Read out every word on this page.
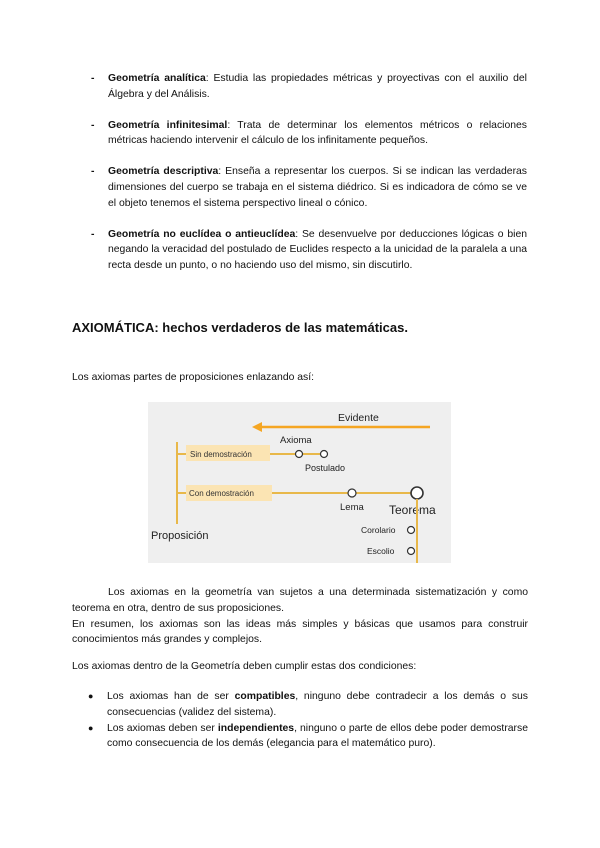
- Geometría analítica: Estudia las propiedades métricas y proyectivas con el auxilio del Álgebra y del Análisis.
- Geometría infinitesimal: Trata de determinar los elementos métricos o relaciones métricas haciendo intervenir el cálculo de los infinitamente pequeños.
- Geometría descriptiva: Enseña a representar los cuerpos. Si se indican las verdaderas dimensiones del cuerpo se trabaja en el sistema diédrico. Si es indicadora de cómo se ve el objeto tenemos el sistema perspectivo lineal o cónico.
- Geometría no euclídea o antieuclídea: Se desenvuelve por deducciones lógicas o bien negando la veracidad del postulado de Euclides respecto a la unicidad de la paralela a una recta desde un punto, o no haciendo uso del mismo, sin discutirlo.
AXIOMÁTICA: hechos verdaderos de las matemáticas.

Los axiomas partes de proposiciones enlazando así:

Evidente
Sin demostración
Axioma
Postulado
Con demostración
Lema Teorema
Corolario
Escolio
Proposición

Los axiomas en la geometría van sujetos a una determinada sistematización y como teorema en otra, dentro de sus proposiciones.
En resumen, los axiomas son las ideas más simples y básicas que usamos para construir conocimientos más grandes y complejos.

Los axiomas dentro de la Geometría deben cumplir estas dos condiciones:

● Los axiomas han de ser compatibles, ninguno debe contradecir a los demás o sus consecuencias (validez del sistema).
● Los axiomas deben ser independientes, ninguno o parte de ellos debe poder demostrarse como consecuencia de los demás (elegancia para el matemático puro).
